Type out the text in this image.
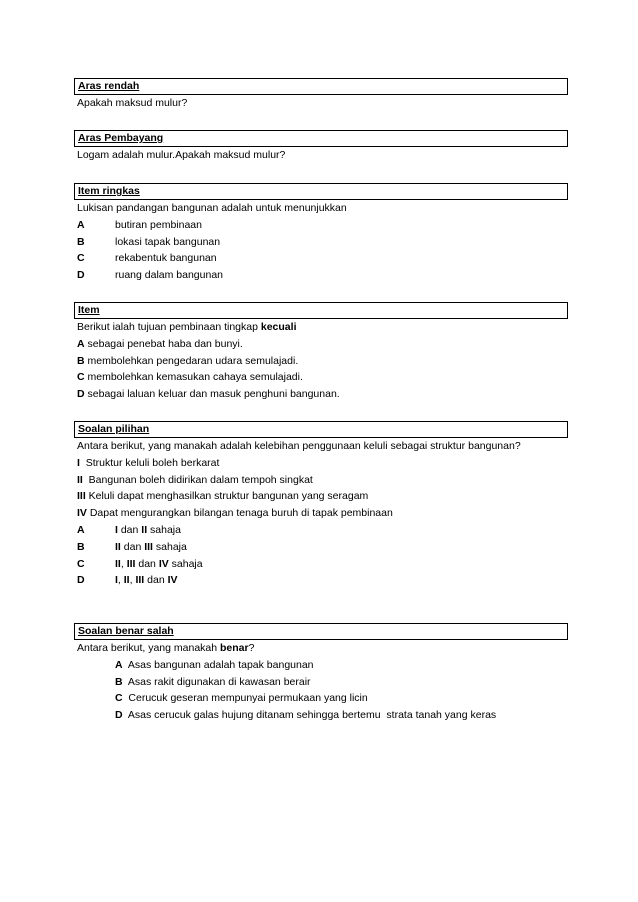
Aras rendah
Apakah maksud mulur?
Aras Pembayang
Logam adalah mulur.Apakah maksud mulur?
Item ringkas
Lukisan pandangan bangunan adalah untuk menunjukkan
A	butiran pembinaan
B	lokasi tapak bangunan
C	rekabentuk bangunan
D	ruang dalam bangunan
Item
Berikut ialah tujuan pembinaan tingkap kecuali
A sebagai penebat haba dan bunyi.
B membolehkan pengedaran udara semulajadi.
C membolehkan kemasukan cahaya semulajadi.
D sebagai laluan keluar dan masuk penghuni bangunan.
Soalan pilihan
Antara berikut, yang manakah adalah kelebihan penggunaan keluli sebagai struktur bangunan?
I  Struktur keluli boleh berkarat
II  Bangunan boleh didirikan dalam tempoh singkat
III Keluli dapat menghasilkan struktur bangunan yang seragam
IV Dapat mengurangkan bilangan tenaga buruh di tapak pembinaan
A	I dan II sahaja
B	II dan III sahaja
C	II, III dan IV sahaja
D	I, II, III dan IV
Soalan benar salah
Antara berikut, yang manakah benar?
A  Asas bangunan adalah tapak bangunan
B  Asas rakit digunakan di kawasan berair
C  Cerucuk geseran mempunyai permukaan yang licin
D  Asas cerucuk galas hujung ditanam sehingga bertemu  strata tanah yang keras
